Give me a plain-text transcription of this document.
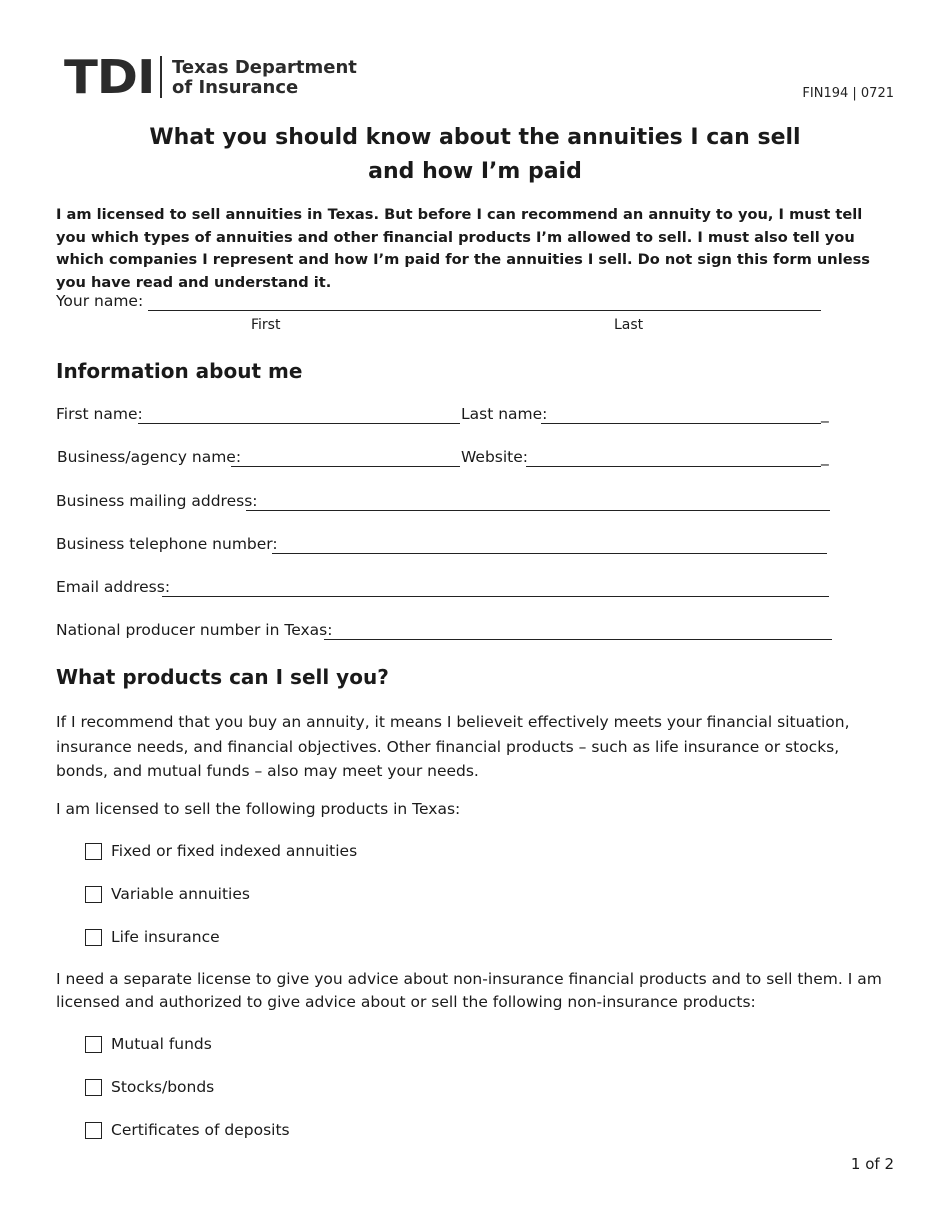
TDI Texas Department
of Insurance	FIN194 | 0721
What you should know about the annuities I can sell
and how I’m paid
I am licensed to sell annuities in Texas. But before I can recommend an annuity to you, I must tell you which types of annuities and other financial products I’m allowed to sell. I must also tell you which companies I represent and how I’m paid for the annuities I sell. Do not sign this form unless you have read and understand it.
Your name:
First	Last
Information about me
First name:	Last name:	_
Business/agency name:	Website:	_
Business mailing address:
Business telephone number:
Email address:
National producer number in Texas:
What products can I sell you?
If I recommend that you buy an annuity, it means I believeit effectively meets your financial situation, insurance needs, and financial objectives. Other financial products – such as life insurance or stocks, bonds, and mutual funds – also may meet your needs.
I am licensed to sell the following products in Texas:
Fixed or fixed indexed annuities
Variable annuities
Life insurance
I need a separate license to give you advice about non-insurance financial products and to sell them. I am licensed and authorized to give advice about or sell the following non-insurance products:
Mutual funds
Stocks/bonds
Certificates of deposits
1 of 2
